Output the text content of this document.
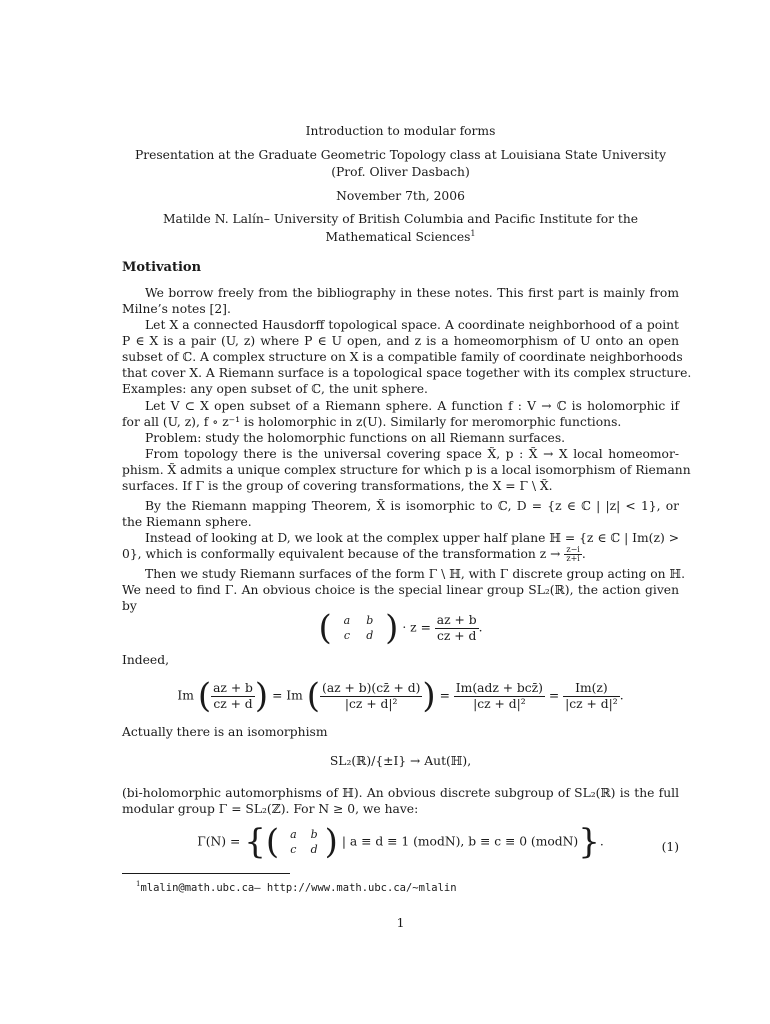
Introduction to modular forms
Presentation at the Graduate Geometric Topology class at Louisiana State University
(Prof. Oliver Dasbach)
November 7th, 2006
Matilde N. Lalín– University of British Columbia and Pacific Institute for the
Mathematical Sciences$^1$
Motivation
We borrow freely from the bibliography in these notes. This first part is mainly from
Milne’s notes [2].
Let X a connected Hausdorff topological space. A coordinate neighborhood of a point
P ∈ X is a pair (U, z) where P ∈ U open, and z is a homeomorphism of U onto an open
subset of ℂ. A complex structure on X is a compatible family of coordinate neighborhoods
that cover X. A Riemann surface is a topological space together with its complex structure.
Examples: any open subset of ℂ, the unit sphere.
Let V ⊂ X open subset of a Riemann sphere. A function f : V → ℂ is holomorphic if
for all (U, z), f ∘ z⁻¹ is holomorphic in z(U). Similarly for meromorphic functions.
Problem: study the holomorphic functions on all Riemann surfaces.
From topology there is the universal covering space X̃, p : X̃ → X local homeomor-
phism. X̃ admits a unique complex structure for which p is a local isomorphism of Riemann
surfaces. If Γ is the group of covering transformations, the X = Γ \ X̃.
By the Riemann mapping Theorem, X̃ is isomorphic to ℂ, D = {z ∈ ℂ | |z| < 1}, or
the Riemann sphere.
Instead of looking at D, we look at the complex upper half plane ℍ = {z ∈ ℂ | Im(z) >
0}, which is conformally equivalent because of the transformation $z \to \frac{z-i}{z+i}$ .
Then we study Riemann surfaces of the form Γ \ ℍ, with Γ discrete group acting on ℍ.
We need to find Γ. An obvious choice is the special linear group SL₂(ℝ), the action given
by
( a	b
c	d ) · $z = \frac{az + b}{cz + d}$ .
Indeed,
Im ( $\frac{az + b}{cz + d}$ ) = Im ( $\frac{(az + b)(cz̄ + d)}{\text{|cz + d|²}}$ ) = $\frac{\text{Im(adz + bcz̄)}}{\text{|cz + d|²}} = \frac{Im(z)}{\text{|cz + d|²}}$ .
Actually there is an isomorphism
SL₂(ℝ)/{±I} → Aut(ℍ),
(bi-holomorphic automorphisms of ℍ). An obvious discrete subgroup of SL₂(ℝ) is the full
modular group Γ = SL₂(ℤ). For N ≥ 0, we have:
Γ(N) = {( a	b
c	d ) | a ≡ d ≡ 1 (modN), b ≡ c ≡ 0 (modN)}.	(1)
$^1$mlalin@math.ubc.ca– http://www.math.ubc.ca/~mlalin
1
